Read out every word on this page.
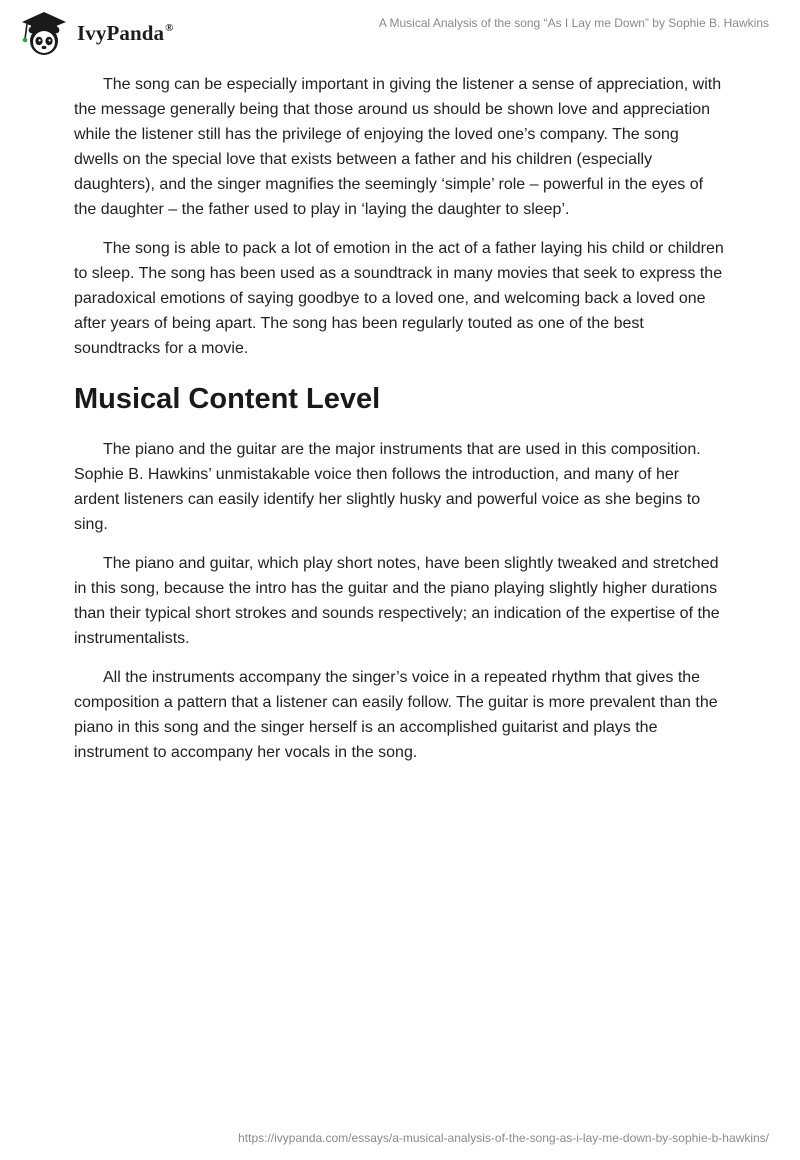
IvyPanda®	A Musical Analysis of the song “As I Lay me Down” by Sophie B. Hawkins

The song can be especially important in giving the listener a sense of appreciation, with the message generally being that those around us should be shown love and appreciation while the listener still has the privilege of enjoying the loved one’s company. The song dwells on the special love that exists between a father and his children (especially daughters), and the singer magnifies the seemingly ‘simple’ role – powerful in the eyes of the daughter – the father used to play in ‘laying the daughter to sleep’.

The song is able to pack a lot of emotion in the act of a father laying his child or children to sleep. The song has been used as a soundtrack in many movies that seek to express the paradoxical emotions of saying goodbye to a loved one, and welcoming back a loved one after years of being apart. The song has been regularly touted as one of the best soundtracks for a movie.

Musical Content Level

The piano and the guitar are the major instruments that are used in this composition. Sophie B. Hawkins’ unmistakable voice then follows the introduction, and many of her ardent listeners can easily identify her slightly husky and powerful voice as she begins to sing.

The piano and guitar, which play short notes, have been slightly tweaked and stretched in this song, because the intro has the guitar and the piano playing slightly higher durations than their typical short strokes and sounds respectively; an indication of the expertise of the instrumentalists.

All the instruments accompany the singer’s voice in a repeated rhythm that gives the composition a pattern that a listener can easily follow. The guitar is more prevalent than the piano in this song and the singer herself is an accomplished guitarist and plays the instrument to accompany her vocals in the song.

https://ivypanda.com/essays/a-musical-analysis-of-the-song-as-i-lay-me-down-by-sophie-b-hawkins/
